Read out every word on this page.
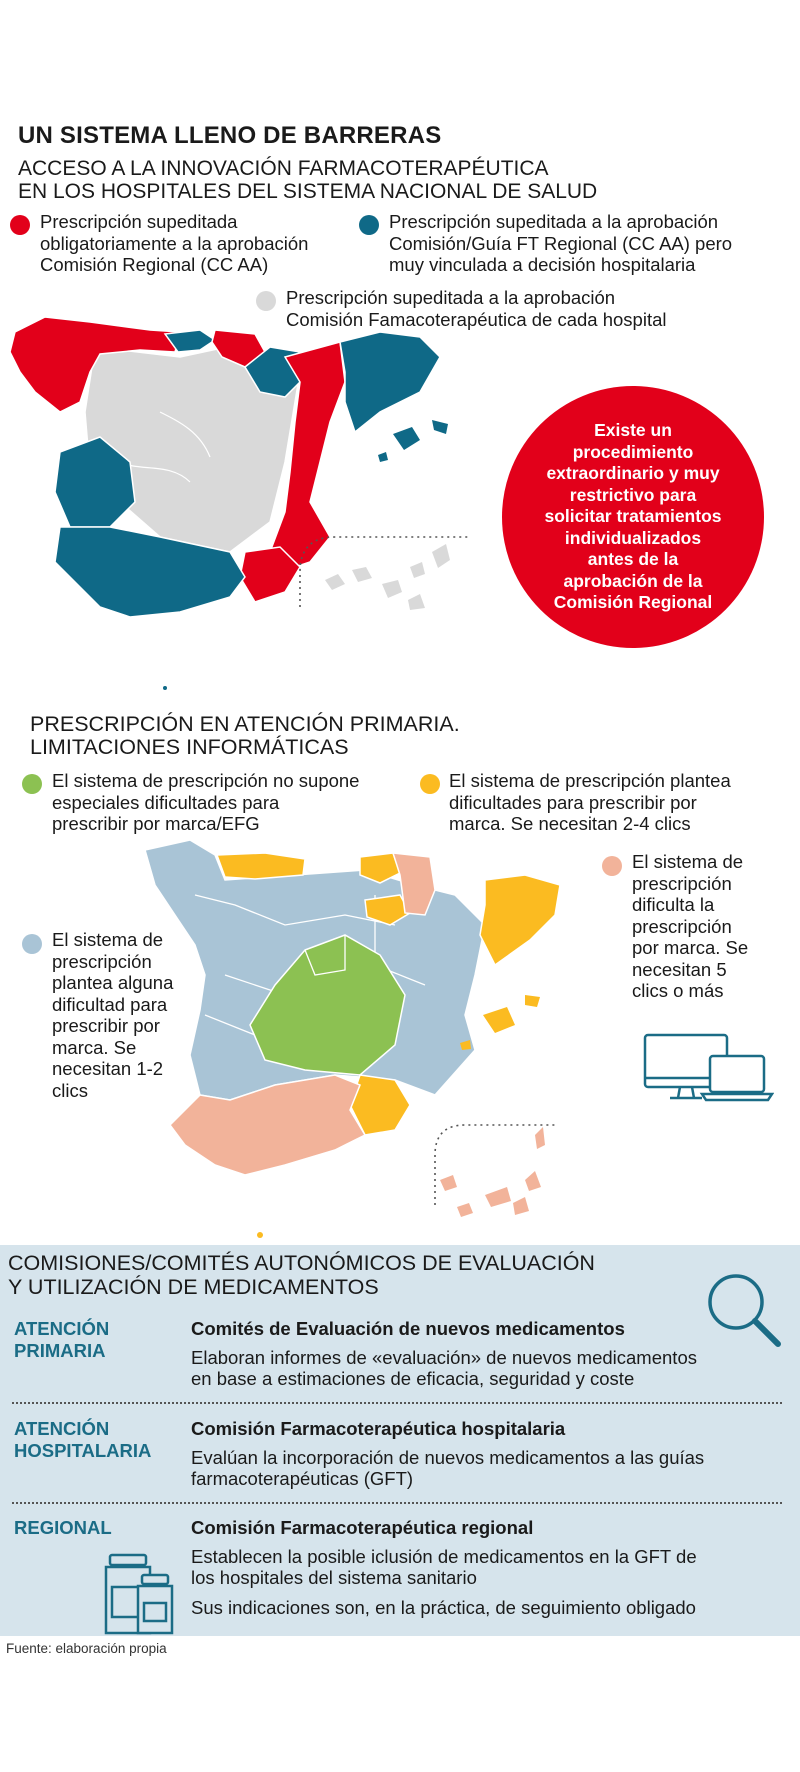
UN SISTEMA LLENO DE BARRERAS
ACCESO A LA INNOVACIÓN FARMACOTERAPÉUTICA
EN LOS HOSPITALES DEL SISTEMA NACIONAL DE SALUD
Prescripción supeditada
obligatoriamente a la aprobación
Comisión Regional (CC AA)
Prescripción supeditada a la aprobación
Comisión/Guía FT Regional (CC AA) pero
muy vinculada a decisión hospitalaria
Prescripción supeditada a la aprobación
Comisión Famacoterapéutica de cada hospital
Existe un
procedimiento
extraordinario y muy
restrictivo para
solicitar tratamientos
individualizados
antes de la
aprobación de la
Comisión Regional
PRESCRIPCIÓN EN ATENCIÓN PRIMARIA.
LIMITACIONES INFORMÁTICAS
El sistema de prescripción no supone
especiales dificultades para
prescribir por marca/EFG
El sistema de prescripción plantea
dificultades para prescribir por
marca. Se necesitan 2-4 clics
El sistema de
prescripción
dificulta la
prescripción
por marca. Se
necesitan 5
clics o más
El sistema de
prescripción
plantea alguna
dificultad para
prescribir por
marca. Se
necesitan 1-2
clics
COMISIONES/COMITÉS AUTONÓMICOS DE EVALUACIÓN
Y UTILIZACIÓN DE MEDICAMENTOS
ATENCIÓN
PRIMARIA
Comités de Evaluación de nuevos medicamentos
Elaboran informes de «evaluación» de nuevos medicamentos
en base a estimaciones de eficacia, seguridad y coste
ATENCIÓN
HOSPITALARIA
Comisión Farmacoterapéutica hospitalaria
Evalúan la incorporación de nuevos medicamentos a las guías
farmacoterapéuticas (GFT)
REGIONAL	Comisión Farmacoterapéutica regional
Establecen la posible iclusión de medicamentos en la GFT de
los hospitales del sistema sanitario
Sus indicaciones son, en la práctica, de seguimiento obligado
Fuente: elaboración propia
